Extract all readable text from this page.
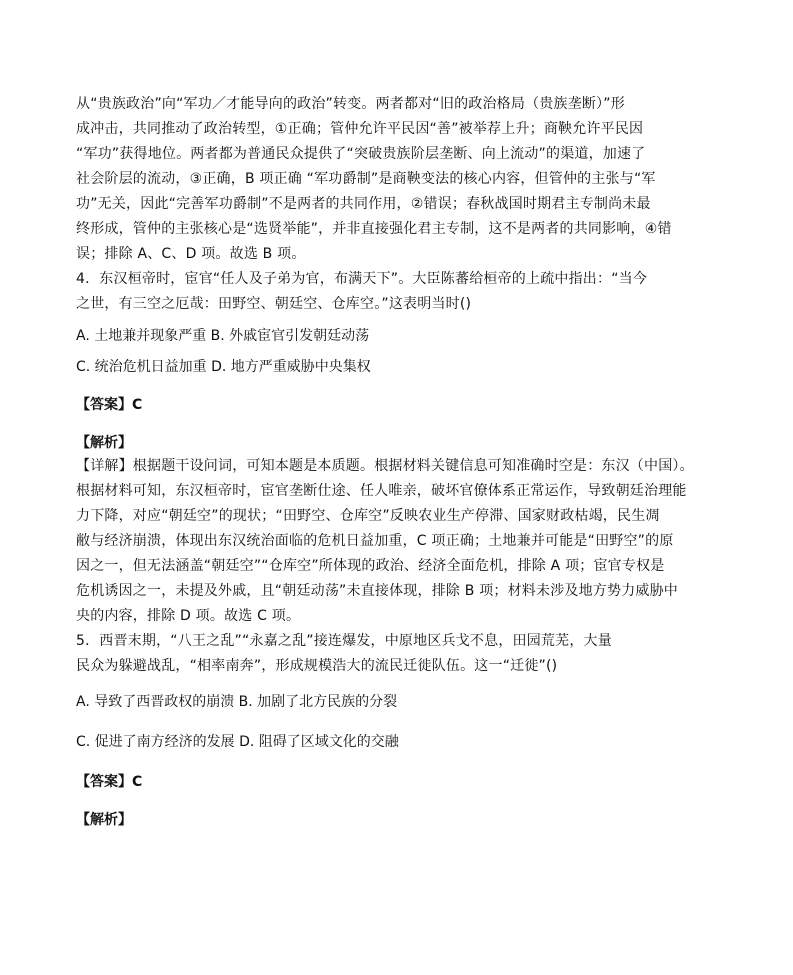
从“贵族政治”向“军功／才能导向的政治”转变。两者都对“旧的政治格局（贵族垄断）”形
成冲击，共同推动了政治转型，①正确；管仲允许平民因“善”被举荐上升；商鞅允许平民因
“军功”获得地位。两者都为普通民众提供了“突破贵族阶层垄断、向上流动”的渠道，加速了
社会阶层的流动，③正确，B 项正确 “军功爵制”是商鞅变法的核心内容，但管仲的主张与“军
功”无关，因此“完善军功爵制”不是两者的共同作用，②错误；春秋战国时期君主专制尚未最
终形成，管仲的主张核心是“选贤举能”，并非直接强化君主专制，这不是两者的共同影响，④错
误；排除 A、C、D 项。故选 B 项。
4．东汉桓帝时，宦官“任人及子弟为官，布满天下”。大臣陈蕃给桓帝的上疏中指出：“当今
之世，有三空之厄哉：田野空、朝廷空、仓库空。”这表明当时()
A. 土地兼并现象严重 B. 外戚宦官引发朝廷动荡
C. 统治危机日益加重 D. 地方严重威胁中央集权
【答案】C
【解析】
【详解】根据题干设问词，可知本题是本质题。根据材料关键信息可知准确时空是：东汉（中国）。
根据材料可知，东汉桓帝时，宦官垄断仕途、任人唯亲，破坏官僚体系正常运作，导致朝廷治理能
力下降，对应“朝廷空”的现状；“田野空、仓库空”反映农业生产停滞、国家财政枯竭，民生凋
敝与经济崩溃，体现出东汉统治面临的危机日益加重，C 项正确；土地兼并可能是“田野空”的原
因之一，但无法涵盖“朝廷空”“仓库空”所体现的政治、经济全面危机，排除 A 项；宦官专权是
危机诱因之一，未提及外戚，且“朝廷动荡”未直接体现，排除 B 项；材料未涉及地方势力威胁中
央的内容，排除 D 项。故选 C 项。
5．西晋末期，“八王之乱”“永嘉之乱”接连爆发，中原地区兵戈不息，田园荒芜，大量
民众为躲避战乱，“相率南奔”，形成规模浩大的流民迁徙队伍。这一“迁徙”()
A. 导致了西晋政权的崩溃 B. 加剧了北方民族的分裂
C. 促进了南方经济的发展 D. 阻碍了区域文化的交融
【答案】C
【解析】
